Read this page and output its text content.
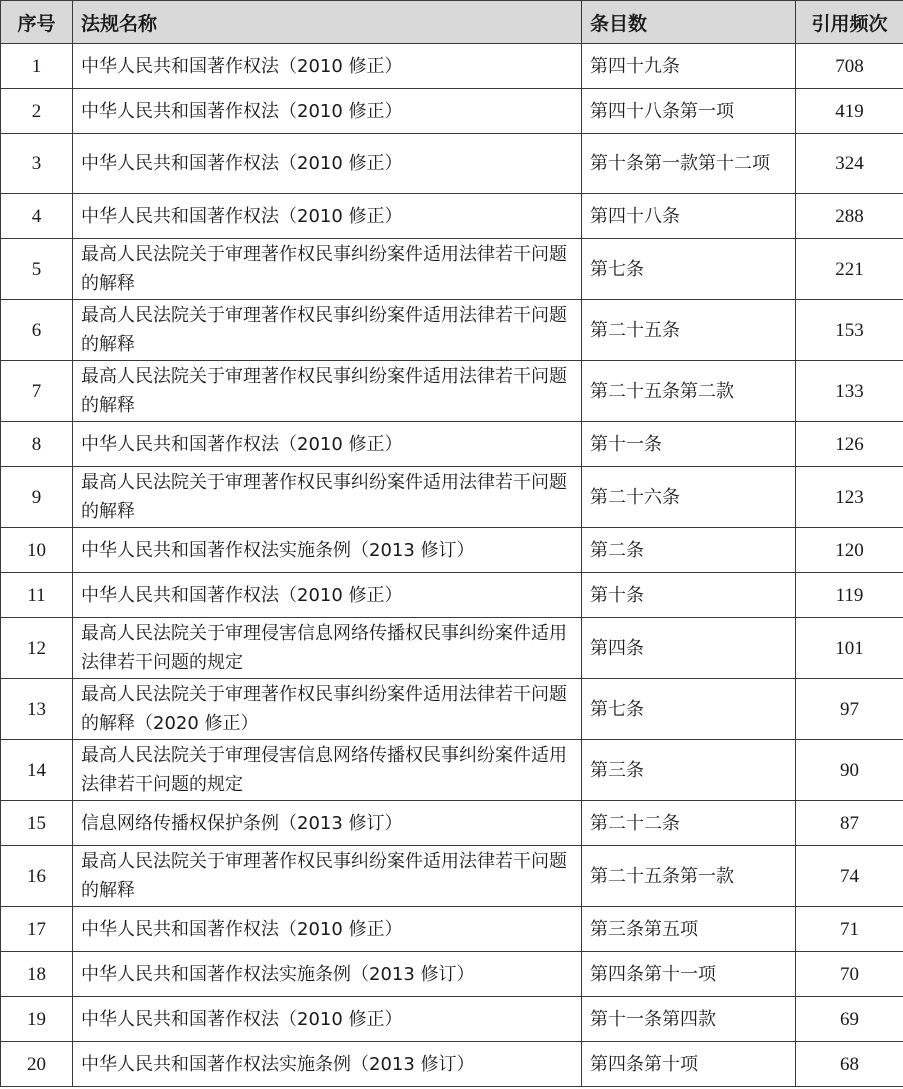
序号	法规名称	条目数	引用频次
1	中华人民共和国著作权法（2010 修正）	第四十九条	708
2	中华人民共和国著作权法（2010 修正）	第四十八条第一项	419
3	中华人民共和国著作权法（2010 修正）	第十条第一款第十二项	324
4	中华人民共和国著作权法（2010 修正）	第四十八条	288
5	最高人民法院关于审理著作权民事纠纷案件适用法律若干问题的解释	第七条	221
6	最高人民法院关于审理著作权民事纠纷案件适用法律若干问题的解释	第二十五条	153
7	最高人民法院关于审理著作权民事纠纷案件适用法律若干问题的解释	第二十五条第二款	133
8	中华人民共和国著作权法（2010 修正）	第十一条	126
9	最高人民法院关于审理著作权民事纠纷案件适用法律若干问题的解释	第二十六条	123
10	中华人民共和国著作权法实施条例（2013 修订）	第二条	120
11	中华人民共和国著作权法（2010 修正）	第十条	119
12	最高人民法院关于审理侵害信息网络传播权民事纠纷案件适用法律若干问题的规定	第四条	101
13	最高人民法院关于审理著作权民事纠纷案件适用法律若干问题的解释（2020 修正）	第七条	97
14	最高人民法院关于审理侵害信息网络传播权民事纠纷案件适用法律若干问题的规定	第三条	90
15	信息网络传播权保护条例（2013 修订）	第二十二条	87
16	最高人民法院关于审理著作权民事纠纷案件适用法律若干问题的解释	第二十五条第一款	74
17	中华人民共和国著作权法（2010 修正）	第三条第五项	71
18	中华人民共和国著作权法实施条例（2013 修订）	第四条第十一项	70
19	中华人民共和国著作权法（2010 修正）	第十一条第四款	69
20	中华人民共和国著作权法实施条例（2013 修订）	第四条第十项	68
